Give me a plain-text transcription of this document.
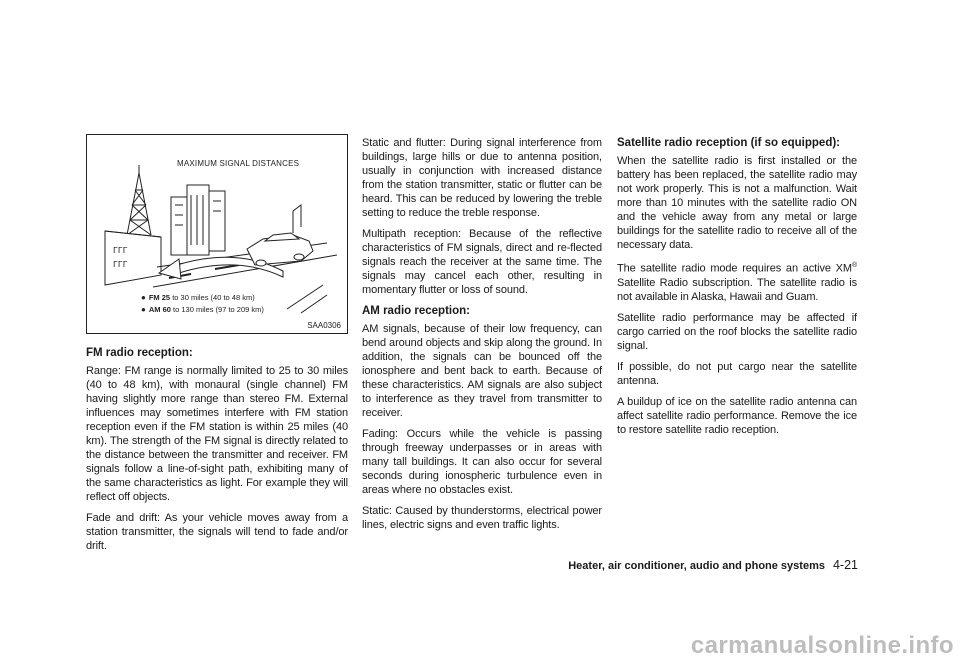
ГГГ
ГГГ
MAXIMUM SIGNAL DISTANCES
● FM 25 to 30 miles (40 to 48 km)
● AM 60 to 130 miles (97 to 209 km)
SAA0306
FM radio reception:

Range: FM range is normally limited to 25 to 30 miles (40 to 48 km), with monaural (single channel) FM having slightly more range than stereo FM. External influences may sometimes interfere with FM station reception even if the FM station is within 25 miles (40 km). The strength of the FM signal is directly related to the distance between the transmitter and receiver. FM signals follow a line-of-sight path, exhibiting many of the same characteristics as light. For example they will reflect off objects.

Fade and drift: As your vehicle moves away from a station transmitter, the signals will tend to fade and/or drift.

Static and flutter: During signal interference from buildings, large hills or due to antenna position, usually in conjunction with increased distance from the station transmitter, static or flutter can be heard. This can be reduced by lowering the treble setting to reduce the treble response.

Multipath reception: Because of the reflective characteristics of FM signals, direct and re-flected signals reach the receiver at the same time. The signals may cancel each other, resulting in momentary flutter or loss of sound.

AM radio reception:

AM signals, because of their low frequency, can bend around objects and skip along the ground. In addition, the signals can be bounced off the ionosphere and bent back to earth. Because of these characteristics. AM signals are also subject to interference as they travel from transmitter to receiver.

Fading: Occurs while the vehicle is passing through freeway underpasses or in areas with many tall buildings. It can also occur for several seconds during ionospheric turbulence even in areas where no obstacles exist.

Static: Caused by thunderstorms, electrical power lines, electric signs and even traffic lights.

Satellite radio reception (if so equipped):

When the satellite radio is first installed or the battery has been replaced, the satellite radio may not work properly. This is not a malfunction. Wait more than 10 minutes with the satellite radio ON and the vehicle away from any metal or large buildings for the satellite radio to receive all of the necessary data.

The satellite radio mode requires an active XM® Satellite Radio subscription. The satellite radio is not available in Alaska, Hawaii and Guam.

Satellite radio performance may be affected if cargo carried on the roof blocks the satellite radio signal.

If possible, do not put cargo near the satellite antenna.

A buildup of ice on the satellite radio antenna can affect satellite radio performance. Remove the ice to restore satellite radio reception.

Heater, air conditioner, audio and phone systems 4-21
carmanualsonline.info
